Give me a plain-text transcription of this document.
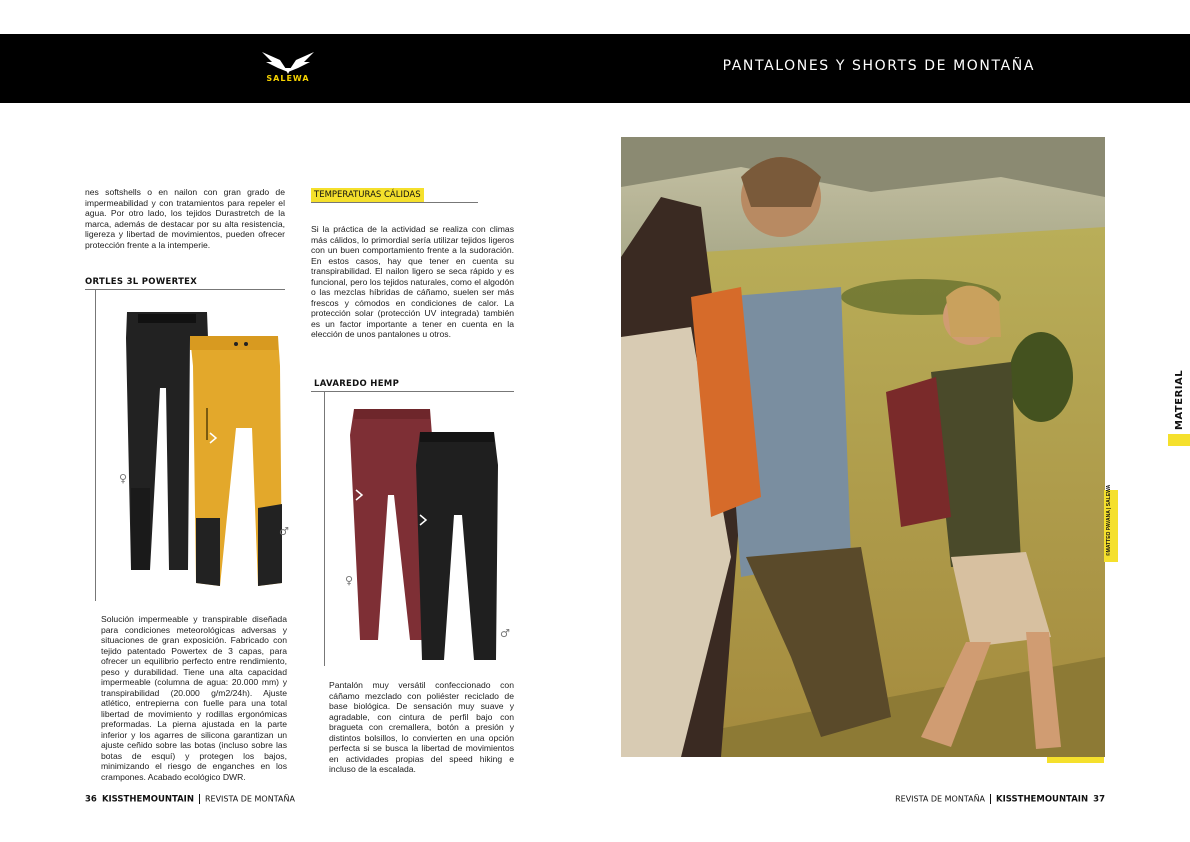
SALEWA
PANTALONES Y SHORTS DE MONTAÑA
nes softshells o en nailon con gran grado de impermeabilidad y con tratamientos para repeler el agua. Por otro lado, los tejidos Durastretch de la marca, además de destacar por su alta resistencia, ligereza y libertad de movimientos, pueden ofrecer protección frente a la intemperie.
ORTLES 3L POWERTEX
♀
♂
Solución impermeable y transpirable diseñada para condiciones meteorológicas adversas y situaciones de gran exposición. Fabricado con tejido patentado Powertex de 3 capas, para ofrecer un equilibrio perfecto entre rendimiento, peso y durabilidad. Tiene una alta capacidad impermeable (columna de agua: 20.000 mm) y transpirabilidad (20.000 g/m2/24h). Ajuste atlético, entrepierna con fuelle para una total libertad de movimiento y rodillas ergonómicas preformadas. La pierna ajustada en la parte inferior y los agarres de silicona garantizan un ajuste ceñido sobre las botas (incluso sobre las botas de esquí) y protegen los bajos, minimizando el riesgo de enganches en los crampones. Acabado ecológico DWR.
TEMPERATURAS CÁLIDAS
Si la práctica de la actividad se realiza con climas más cálidos, lo primordial sería utilizar tejidos ligeros con un buen comportamiento frente a la sudoración. En estos casos, hay que tener en cuenta su transpirabilidad. El nailon ligero se seca rápido y es funcional, pero los tejidos naturales, como el algodón o las mezclas híbridas de cáñamo, suelen ser más frescos y cómodos en condiciones de calor. La protección solar (protección UV integrada) también es un factor importante a tener en cuenta en la elección de unos pantalones u otros.
LAVAREDO HEMP
♀
♂
Pantalón muy versátil confeccionado con cáñamo mezclado con poliéster reciclado de base biológica. De sensación muy suave y agradable, con cintura de perfil bajo con bragueta con cremallera, botón a presión y distintos bolsillos, lo convierten en una opción perfecta si se busca la libertad de movimientos en actividades propias del speed hiking e incluso de la escalada.
©MATTEO PAVANA | SALEWA
MATERIAL
36 KISSTHEMOUNTAIN REVISTA DE MONTAÑA	REVISTA DE MONTAÑA KISSTHEMOUNTAIN 37
